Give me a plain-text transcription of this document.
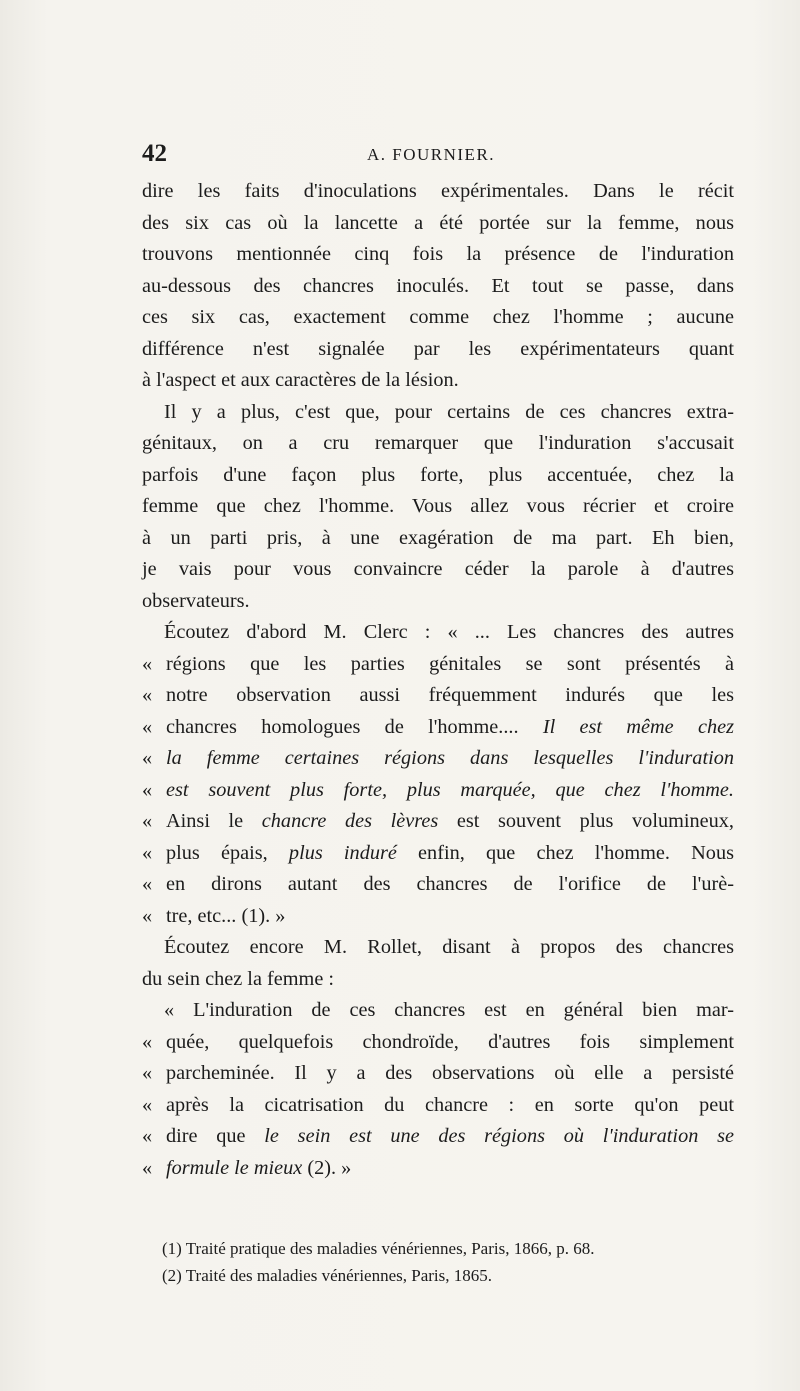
42	A. FOURNIER.
dire les faits d'inoculations expérimentales. Dans le récit
des six cas où la lancette a été portée sur la femme, nous
trouvons mentionnée cinq fois la présence de l'induration
au-dessous des chancres inoculés. Et tout se passe, dans
ces six cas, exactement comme chez l'homme ; aucune
différence n'est signalée par les expérimentateurs quant
à l'aspect et aux caractères de la lésion.
Il y a plus, c'est que, pour certains de ces chancres extra-
génitaux, on a cru remarquer que l'induration s'accusait
parfois d'une façon plus forte, plus accentuée, chez la
femme que chez l'homme. Vous allez vous récrier et croire
à un parti pris, à une exagération de ma part. Eh bien,
je vais pour vous convaincre céder la parole à d'autres
observateurs.
Écoutez d'abord M. Clerc : « ... Les chancres des autres
« régions que les parties génitales se sont présentés à
« notre observation aussi fréquemment indurés que les
« chancres homologues de l'homme.... Il est même chez
« la femme certaines régions dans lesquelles l'induration
« est souvent plus forte, plus marquée, que chez l'homme.
« Ainsi le chancre des lèvres est souvent plus volumineux,
« plus épais, plus induré enfin, que chez l'homme. Nous
« en dirons autant des chancres de l'orifice de l'urè-
« tre, etc... (1). »
Écoutez encore M. Rollet, disant à propos des chancres
du sein chez la femme :
« L'induration de ces chancres est en général bien mar-
« quée, quelquefois chondroïde, d'autres fois simplement
« parcheminée. Il y a des observations où elle a persisté
« après la cicatrisation du chancre : en sorte qu'on peut
« dire que le sein est une des régions où l'induration se
« formule le mieux (2). »
(1) Traité pratique des maladies vénériennes, Paris, 1866, p. 68.
(2) Traité des maladies vénériennes, Paris, 1865.
